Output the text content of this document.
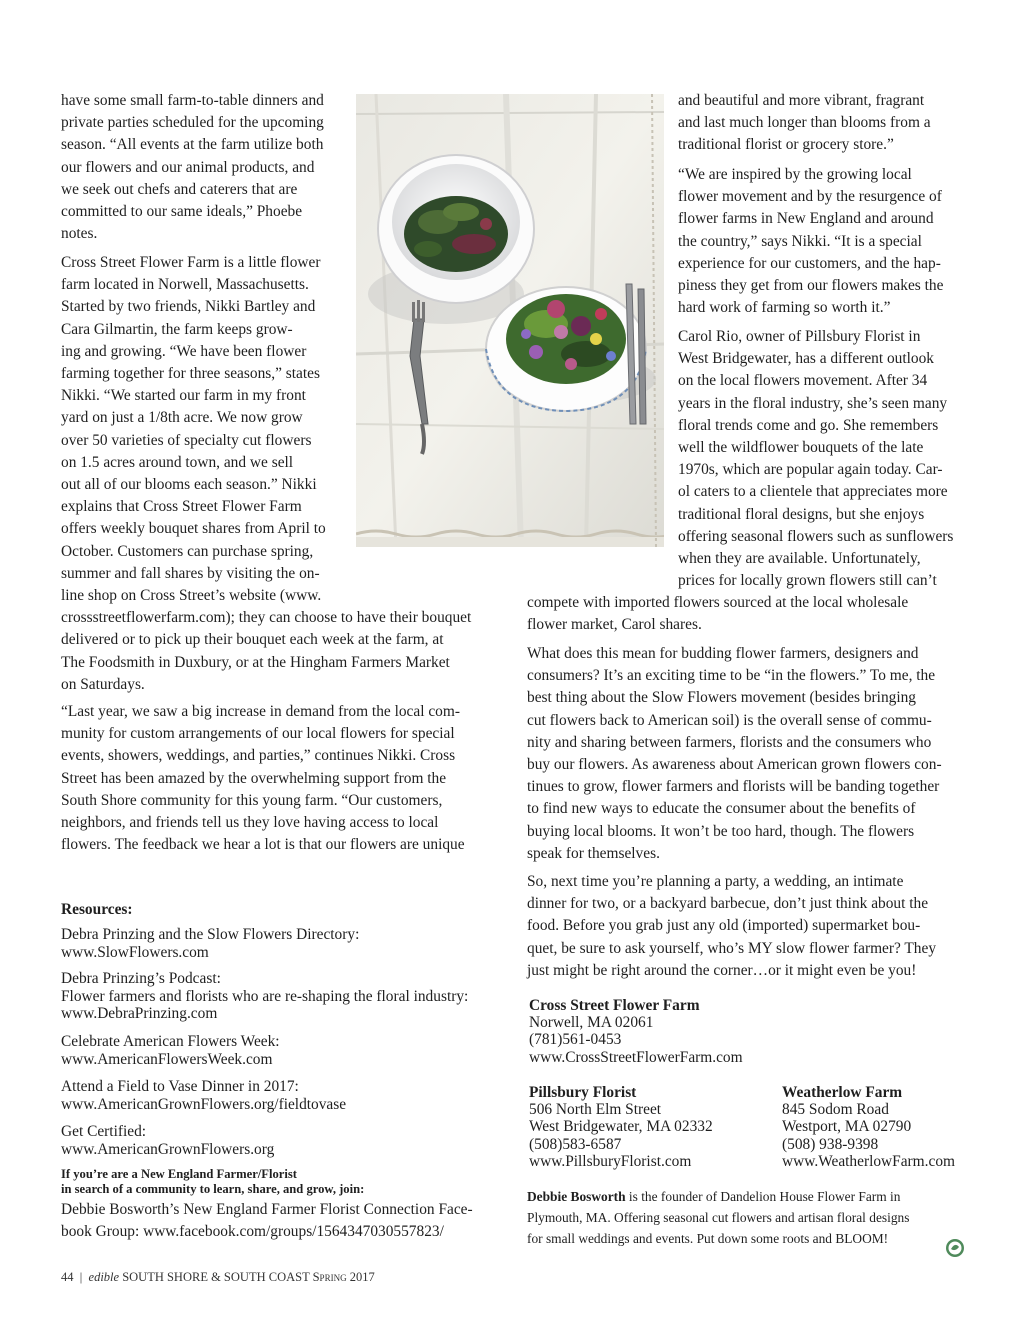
have some small farm-to-table dinners and
private parties scheduled for the upcoming
season. “All events at the farm utilize both
our flowers and our animal products, and
we seek out chefs and caterers that are
committed to our same ideals,” Phoebe
notes.

Cross Street Flower Farm is a little flower
farm located in Norwell, Massachusetts.
Started by two friends, Nikki Bartley and
Cara Gilmartin, the farm keeps grow-
ing and growing. “We have been flower
farming together for three seasons,” states
Nikki. “We started our farm in my front
yard on just a 1/8th acre. We now grow
over 50 varieties of specialty cut flowers
on 1.5 acres around town, and we sell
out all of our blooms each season.” Nikki
explains that Cross Street Flower Farm
offers weekly bouquet shares from April to
October. Customers can purchase spring,
summer and fall shares by visiting the on-
line shop on Cross Street’s website (www.
crossstreetflowerfarm.com); they can choose to have their bouquet
delivered or to pick up their bouquet each week at the farm, at
The Foodsmith in Duxbury, or at the Hingham Farmers Market
on Saturdays.

“Last year, we saw a big increase in demand from the local com-
munity for custom arrangements of our local flowers for special
events, showers, weddings, and parties,” continues Nikki. Cross
Street has been amazed by the overwhelming support from the
South Shore community for this young farm. “Our customers,
neighbors, and friends tell us they love having access to local
flowers. The feedback we hear a lot is that our flowers are unique

and beautiful and more vibrant, fragrant
and last much longer than blooms from a
traditional florist or grocery store.”

“We are inspired by the growing local
flower movement and by the resurgence of
flower farms in New England and around
the country,” says Nikki. “It is a special
experience for our customers, and the hap-
piness they get from our flowers makes the
hard work of farming so worth it.”

Carol Rio, owner of Pillsbury Florist in
West Bridgewater, has a different outlook
on the local flowers movement. After 34
years in the floral industry, she’s seen many
floral trends come and go. She remembers
well the wildflower bouquets of the late
1970s, which are popular again today. Car-
ol caters to a clientele that appreciates more
traditional floral designs, but she enjoys
offering seasonal flowers such as sunflowers
when they are available. Unfortunately,
prices for locally grown flowers still can’t

compete with imported flowers sourced at the local wholesale
flower market, Carol shares.

What does this mean for budding flower farmers, designers and
consumers? It’s an exciting time to be “in the flowers.” To me, the
best thing about the Slow Flowers movement (besides bringing
cut flowers back to American soil) is the overall sense of commu-
nity and sharing between farmers, florists and the consumers who
buy our flowers. As awareness about American grown flowers con-
tinues to grow, flower farmers and florists will be banding together
to find new ways to educate the consumer about the benefits of
buying local blooms. It won’t be too hard, though. The flowers
speak for themselves.

So, next time you’re planning a party, a wedding, an intimate
dinner for two, or a backyard barbecue, don’t just think about the
food. Before you grab just any old (imported) supermarket bou-
quet, be sure to ask yourself, who’s MY slow flower farmer? They
just might be right around the corner…or it might even be you!

Resources:

Debra Prinzing and the Slow Flowers Directory:
www.SlowFlowers.com

Debra Prinzing’s Podcast:
Flower farmers and florists who are re-shaping the floral industry:
www.DebraPrinzing.com

Celebrate American Flowers Week:
www.AmericanFlowersWeek.com

Attend a Field to Vase Dinner in 2017:
www.AmericanGrownFlowers.org/fieldtovase

Get Certified:
www.AmericanGrownFlowers.org

If you’re are a New England Farmer/Florist
in search of a community to learn, share, and grow, join:

Debbie Bosworth’s New England Farmer Florist Connection Face-
book Group: www.facebook.com/groups/1564347030557823/

Cross Street Flower Farm
Norwell, MA 02061
(781)561-0453
www.CrossStreetFlowerFarm.com
Pillsbury Florist
506 North Elm Street
West Bridgewater, MA 02332
(508)583-6587
www.PillsburyFlorist.com
Weatherlow Farm
845 Sodom Road
Westport, MA 02790
(508) 938-9398
www.WeatherlowFarm.com
Debbie Bosworth is the founder of Dandelion House Flower Farm in
Plymouth, MA. Offering seasonal cut flowers and artisan floral designs
for small weddings and events. Put down some roots and BLOOM!
44 | edible SOUTH SHORE & SOUTH COAST Spring 2017
